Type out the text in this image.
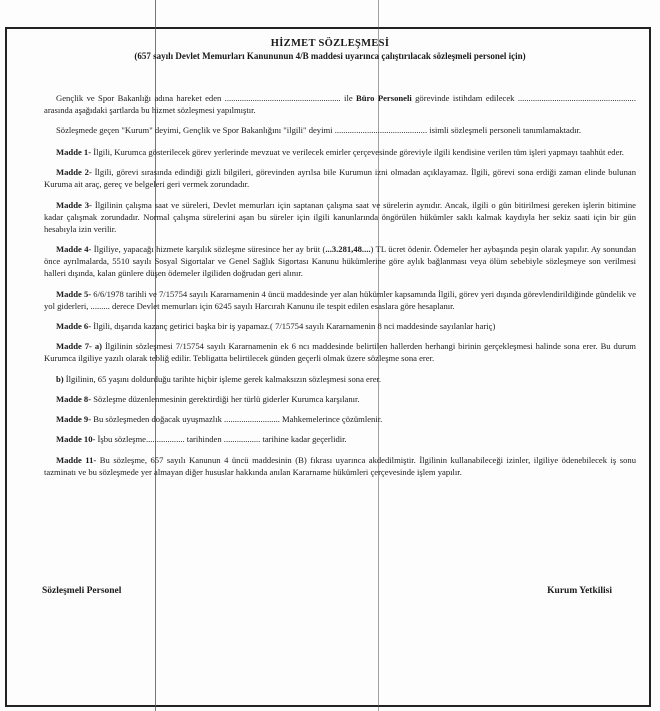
HİZMET SÖZLEŞMESİ
(657 sayılı Devlet Memurları Kanununun 4/B maddesi uyarınca çalıştırılacak sözleşmeli personel için)

Gençlik ve Spor Bakanlığı adına hareket eden ...................................................... ile Büro Personeli görevinde istihdam edilecek ....................................................... arasında aşağıdaki şartlarda bu hizmet sözleşmesi yapılmıştır.

Sözleşmede geçen "Kurum" deyimi, Gençlik ve Spor Bakanlığını "ilgili" deyimi ........................................... isimli sözleşmeli personeli tanımlamaktadır.

Madde 1- İlgili, Kurumca gösterilecek görev yerlerinde mevzuat ve verilecek emirler çerçevesinde göreviyle ilgili kendisine verilen tüm işleri yapmayı taahhüt eder.

Madde 2- İlgili, görevi sırasında edindiği gizli bilgileri, görevinden ayrılsa bile Kurumun izni olmadan açıklayamaz. İlgili, görevi sona erdiği zaman elinde bulunan Kuruma ait araç, gereç ve belgeleri geri vermek zorundadır.

Madde 3- İlgilinin çalışma saat ve süreleri, Devlet memurları için saptanan çalışma saat ve sürelerin aynıdır. Ancak, ilgili o gün bitirilmesi gereken işlerin bitimine kadar çalışmak zorundadır. Normal çalışma sürelerini aşan bu süreler için ilgili kanunlarında öngörülen hükümler saklı kalmak kaydıyla her sekiz saati için bir gün hesabıyla izin verilir.

Madde 4- İlgiliye, yapacağı hizmete karşılık sözleşme süresince her ay brüt (...3.281,48....) TL ücret ödenir. Ödemeler her aybaşında peşin olarak yapılır. Ay sonundan önce ayrılmalarda, 5510 sayılı Sosyal Sigortalar ve Genel Sağlık Sigortası Kanunu hükümlerine göre aylık bağlanması veya ölüm sebebiyle sözleşmeye son verilmesi halleri dışında, kalan günlere düşen ödemeler ilgiliden doğrudan geri alınır.

Madde 5- 6/6/1978 tarihli ve 7/15754 sayılı Kararnamenin 4 üncü maddesinde yer alan hükümler kapsamında İlgili, görev yeri dışında görevlendirildiğinde gündelik ve yol giderleri, ......... derece Devlet memurları için 6245 sayılı Harcırah Kanunu ile tespit edilen esaslara göre hesaplanır.

Madde 6- İlgili, dışarıda kazanç getirici başka bir iş yapamaz.( 7/15754 sayılı Kararnamenin 8 nci maddesinde sayılanlar hariç)

Madde 7- a) İlgilinin sözleşmesi 7/15754 sayılı Kararnamenin ek 6 ncı maddesinde belirtilen hallerden herhangi birinin gerçekleşmesi halinde sona erer. Bu durum Kurumca ilgiliye yazılı olarak tebliğ edilir. Tebligatta belirtilecek günden geçerli olmak üzere sözleşme sona erer.

b) İlgilinin, 65 yaşını doldurduğu tarihte hiçbir işleme gerek kalmaksızın sözleşmesi sona erer.

Madde 8- Sözleşme düzenlenmesinin gerektirdiği her türlü giderler Kurumca karşılanır.

Madde 9- Bu sözleşmeden doğacak uyuşmazlık .......................... Mahkemelerince çözümlenir.

Madde 10- İşbu sözleşme.................. tarihinden ................. tarihine kadar geçerlidir.

Madde 11- Bu sözleşme, 657 sayılı Kanunun 4 üncü maddesinin (B) fıkrası uyarınca akdedilmiştir. İlgilinin kullanabileceği izinler, ilgiliye ödenebilecek iş sonu tazminatı ve bu sözleşmede yer almayan diğer hususlar hakkında anılan Kararname hükümleri çerçevesinde işlem yapılır.

Sözleşmeli Personel	Kurum Yetkilisi
